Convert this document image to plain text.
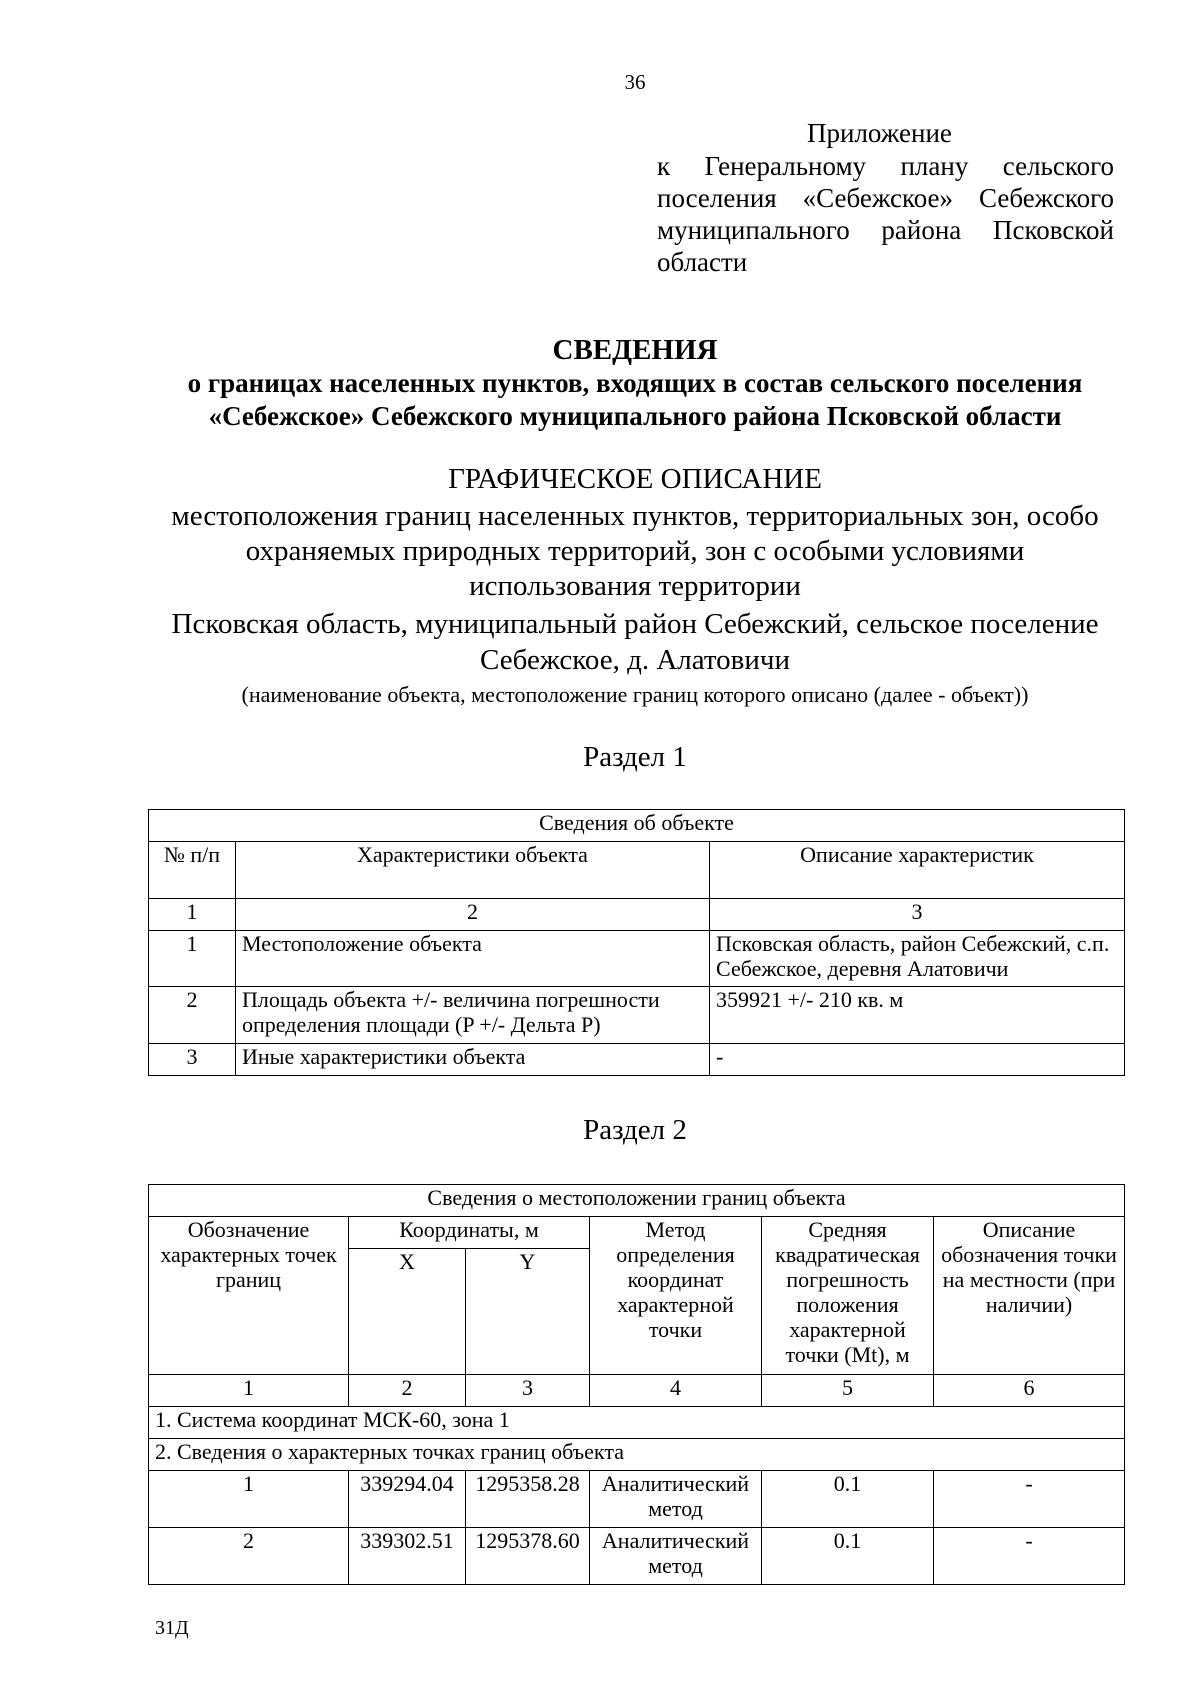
36
Приложение
к Генеральному плану сельского
поселения «Себежское» Себежского
муниципального района Псковской
области
СВЕДЕНИЯ
о границах населенных пунктов, входящих в состав сельского поселения
«Себежское» Себежского муниципального района Псковской области
ГРАФИЧЕСКОЕ ОПИСАНИЕ
местоположения границ населенных пунктов, территориальных зон, особо
охраняемых природных территорий, зон с особыми условиями
использования территории
Псковская область, муниципальный район Себежский, сельское поселение
Себежское, д. Алатовичи
(наименование объекта, местоположение границ которого описано (далее - объект))
Раздел 1
Сведения об объекте		
№ п/п	Характеристики объекта	Описание характеристик
1	2	3
1	Местоположение объекта	Псковская область, район Себежский, с.п. Себежское, деревня Алатовичи
2	Площадь объекта +/- величина погрешности определения площади (P +/- Дельта P)	359921 +/- 210 кв. м
3	Иные характеристики объекта	-
Раздел 2
Сведения о местоположении границ объекта					
Обозначение характерных точек границ	Координаты, м		Метод определения координат характерной точки	Средняя квадратическая погрешность положения характерной точки (Mt), м	Описание обозначения точки на местности (при наличии)
	X	Y			
1	2	3	4	5	6
1. Система координат МСК-60, зона 1					
2. Сведения о характерных точках границ объекта					
1	339294.04	1295358.28	Аналитический метод	0.1	-
2	339302.51	1295378.60	Аналитический метод	0.1	-
31Д
